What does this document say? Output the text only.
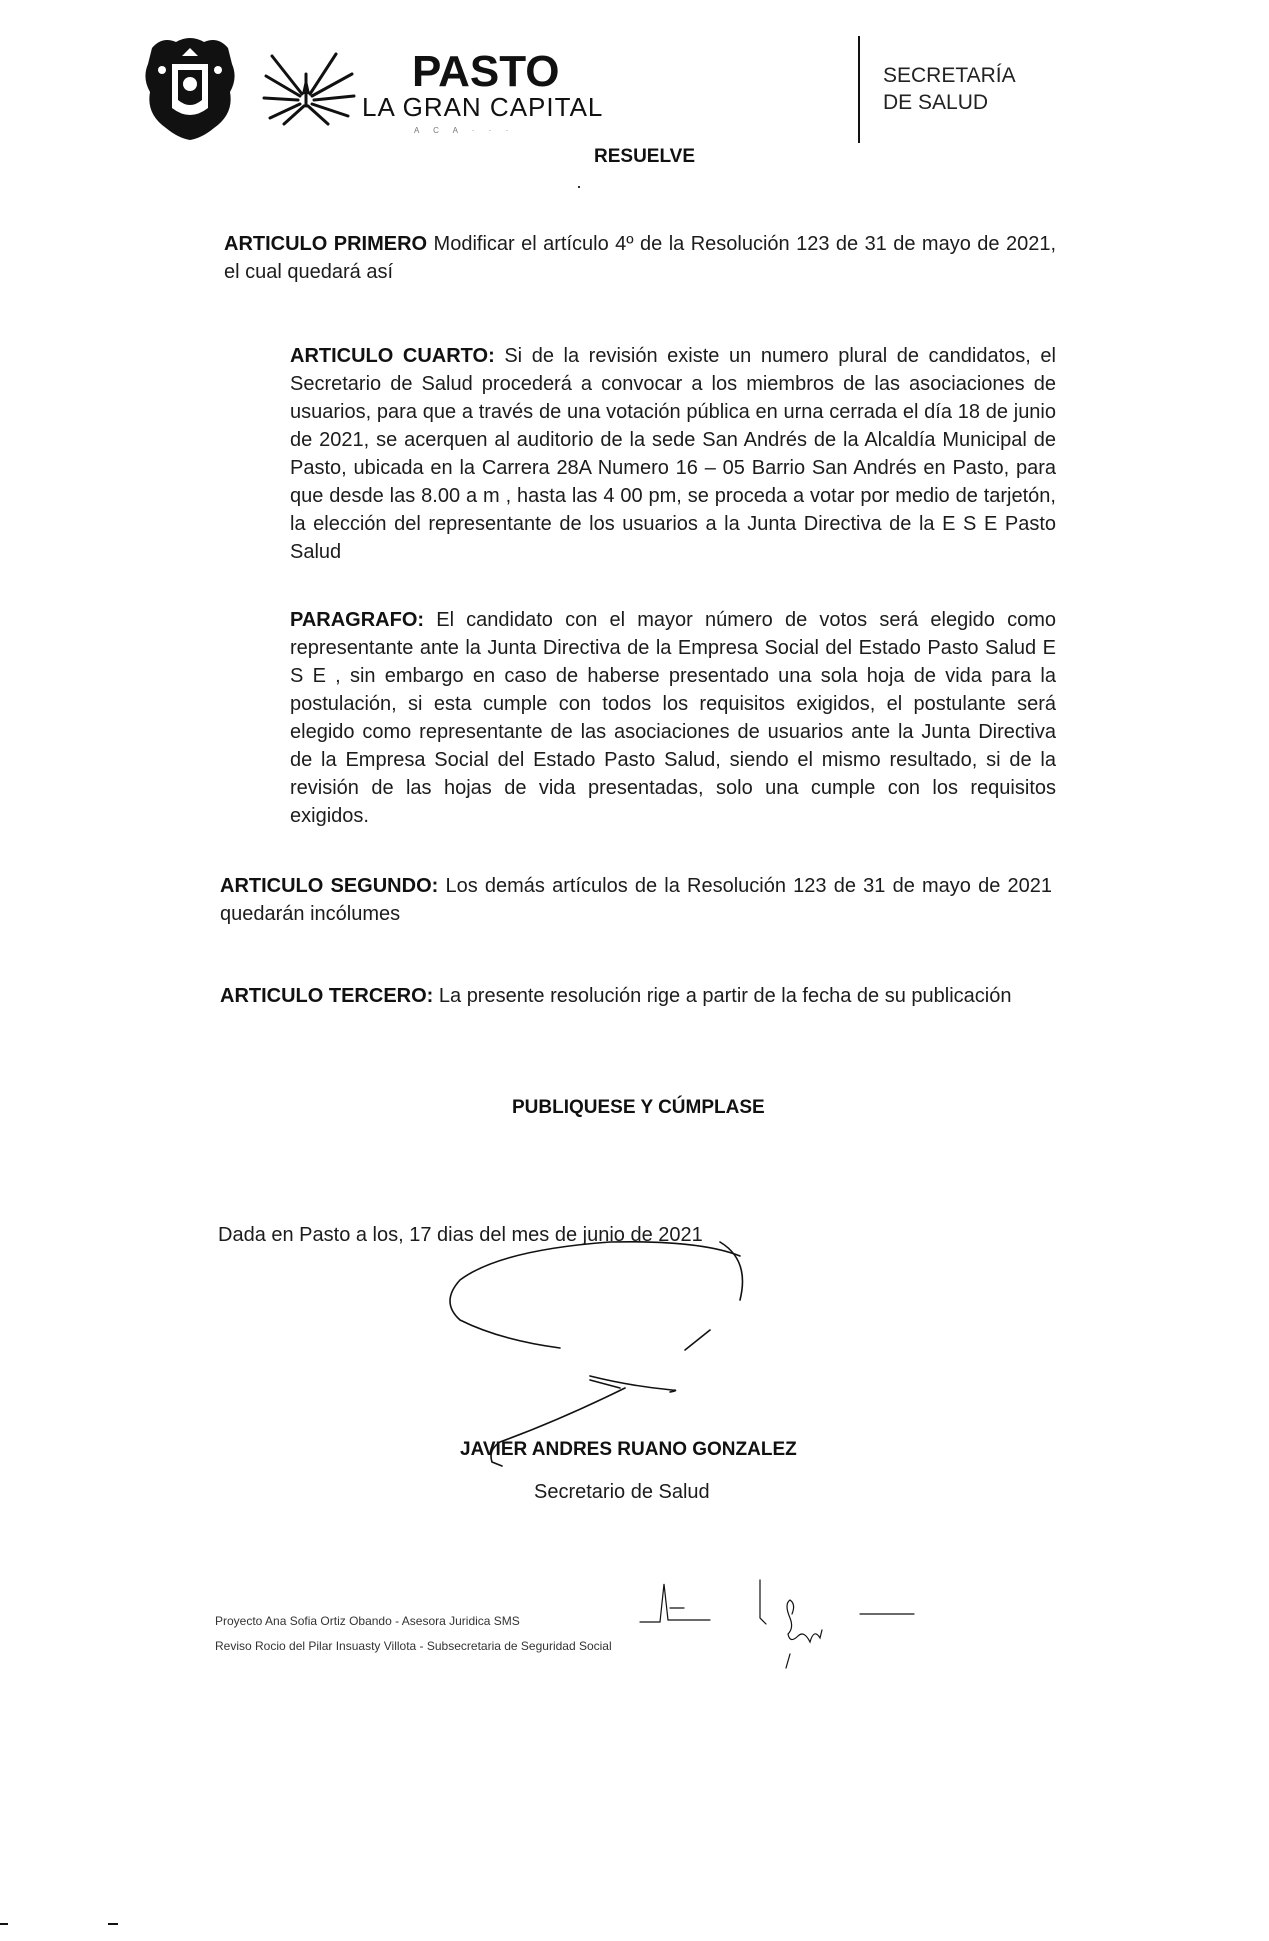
PASTO
LA GRAN CAPITAL
A C A · · ·
SECRETARÍA
DE SALUD
RESUELVE
ARTICULO PRIMERO Modificar el artículo 4º de la Resolución 123 de 31 de mayo de 2021, el cual quedará así
ARTICULO CUARTO: Si de la revisión existe un numero plural de candidatos, el Secretario de Salud procederá a convocar a los miembros de las asociaciones de usuarios, para que a través de una votación pública en urna cerrada el día 18 de junio de 2021, se acerquen al auditorio de la sede San Andrés de la Alcaldía Municipal de Pasto, ubicada en la Carrera 28A Numero 16 – 05 Barrio San Andrés en Pasto, para que desde las 8.00 a m , hasta las 4 00 pm, se proceda a votar por medio de tarjetón, la elección del representante de los usuarios a la Junta Directiva de la E S E Pasto Salud
PARAGRAFO: El candidato con el mayor número de votos será elegido como representante ante la Junta Directiva de la Empresa Social del Estado Pasto Salud E S E , sin embargo en caso de haberse presentado una sola hoja de vida para la postulación, si esta cumple con todos los requisitos exigidos, el postulante será elegido como representante de las asociaciones de usuarios ante la Junta Directiva de la Empresa Social del Estado Pasto Salud, siendo el mismo resultado, si de la revisión de las hojas de vida presentadas, solo una cumple con los requisitos exigidos.
ARTICULO SEGUNDO: Los demás artículos de la Resolución 123 de 31 de mayo de 2021 quedarán incólumes
ARTICULO TERCERO: La presente resolución rige a partir de la fecha de su publicación
PUBLIQUESE Y CÚMPLASE
Dada en Pasto a los, 17 dias del mes de junio de 2021
JAVIER ANDRES RUANO GONZALEZ
Secretario de Salud
Proyecto Ana Sofia Ortiz Obando - Asesora Juridica SMS
Reviso Rocio del Pilar Insuasty Villota - Subsecretaria de Seguridad Social
